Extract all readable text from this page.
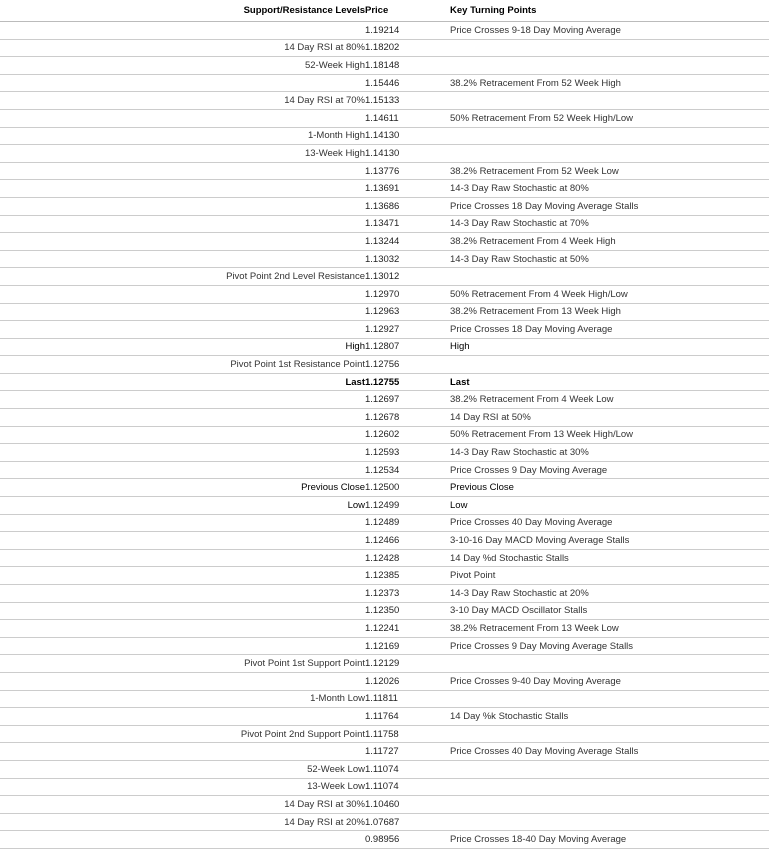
Support/Resistance Levels	Price	Key Turning Points
	1.19214	Price Crosses 9-18 Day Moving Average
14 Day RSI at 80%	1.18202	
52-Week High	1.18148	
	1.15446	38.2% Retracement From 52 Week High
14 Day RSI at 70%	1.15133	
	1.14611	50% Retracement From 52 Week High/Low
1-Month High	1.14130	
13-Week High	1.14130	
	1.13776	38.2% Retracement From 52 Week Low
	1.13691	14-3 Day Raw Stochastic at 80%
	1.13686	Price Crosses 18 Day Moving Average Stalls
	1.13471	14-3 Day Raw Stochastic at 70%
	1.13244	38.2% Retracement From 4 Week High
	1.13032	14-3 Day Raw Stochastic at 50%
Pivot Point 2nd Level Resistance	1.13012	
	1.12970	50% Retracement From 4 Week High/Low
	1.12963	38.2% Retracement From 13 Week High
	1.12927	Price Crosses 18 Day Moving Average
High	1.12807	High
Pivot Point 1st Resistance Point	1.12756	
Last	1.12755	Last
	1.12697	38.2% Retracement From 4 Week Low
	1.12678	14 Day RSI at 50%
	1.12602	50% Retracement From 13 Week High/Low
	1.12593	14-3 Day Raw Stochastic at 30%
	1.12534	Price Crosses 9 Day Moving Average
Previous Close	1.12500	Previous Close
Low	1.12499	Low
	1.12489	Price Crosses 40 Day Moving Average
	1.12466	3-10-16 Day MACD Moving Average Stalls
	1.12428	14 Day %d Stochastic Stalls
	1.12385	Pivot Point
	1.12373	14-3 Day Raw Stochastic at 20%
	1.12350	3-10 Day MACD Oscillator Stalls
	1.12241	38.2% Retracement From 13 Week Low
	1.12169	Price Crosses 9 Day Moving Average Stalls
Pivot Point 1st Support Point	1.12129	
	1.12026	Price Crosses 9-40 Day Moving Average
1-Month Low	1.11811	
	1.11764	14 Day %k Stochastic Stalls
Pivot Point 2nd Support Point	1.11758	
	1.11727	Price Crosses 40 Day Moving Average Stalls
52-Week Low	1.11074	
13-Week Low	1.11074	
14 Day RSI at 30%	1.10460	
14 Day RSI at 20%	1.07687	
	0.98956	Price Crosses 18-40 Day Moving Average
